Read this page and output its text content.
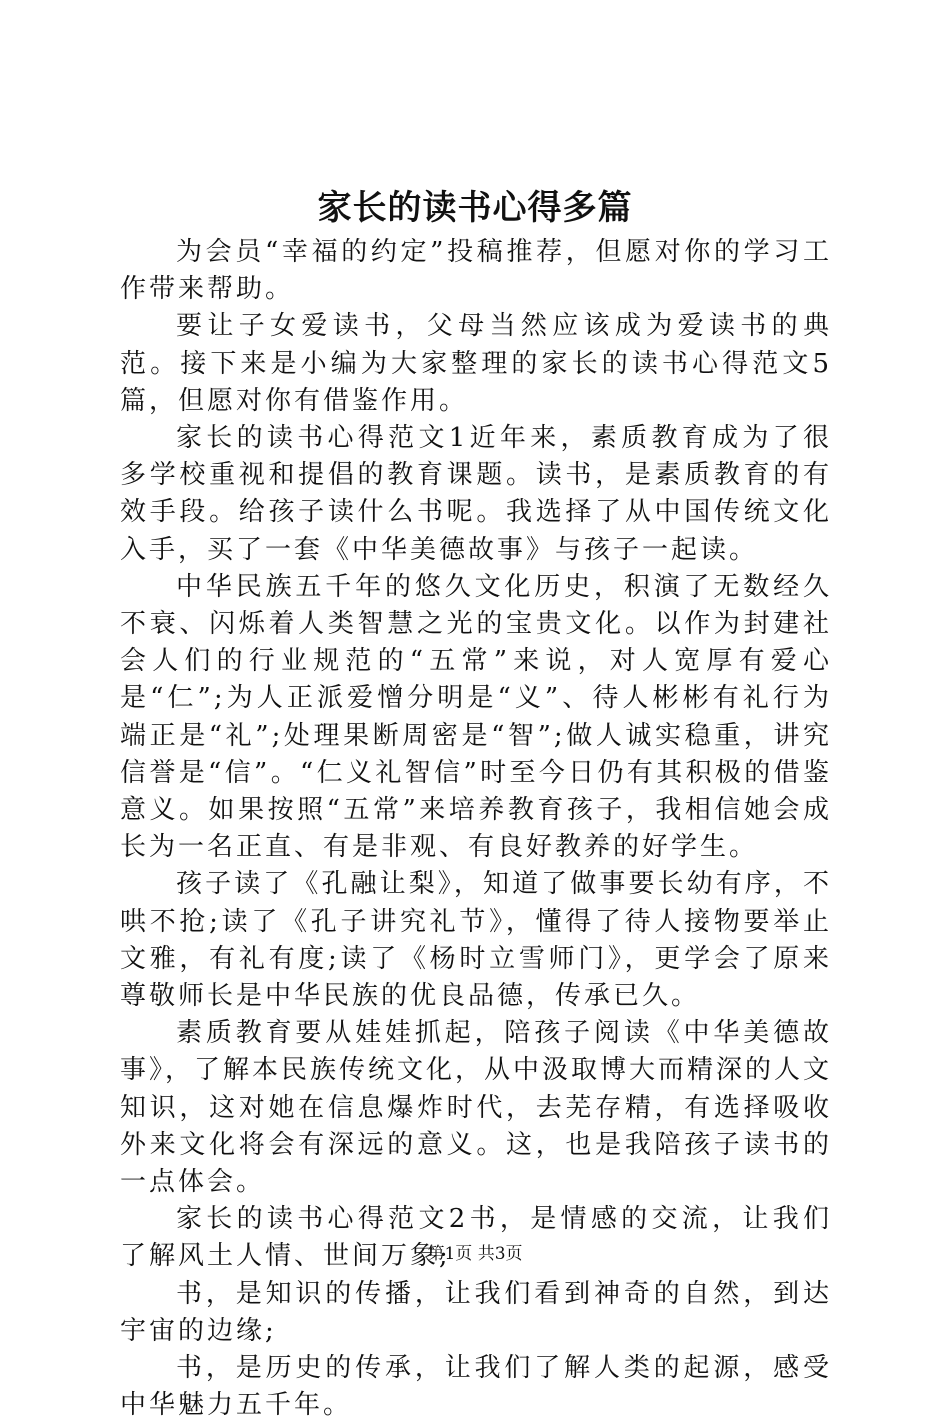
家长的读书心得多篇

为会员“幸福的约定”投稿推荐，但愿对你的学习工作带来帮助。

要让子女爱读书，父母当然应该成为爱读书的典范。接下来是小编为大家整理的家长的读书心得范文5篇，但愿对你有借鉴作用。

家长的读书心得范文1近年来，素质教育成为了很多学校重视和提倡的教育课题。读书，是素质教育的有效手段。给孩子读什么书呢。我选择了从中国传统文化入手，买了一套《中华美德故事》与孩子一起读。

中华民族五千年的悠久文化历史，积演了无数经久不衰、闪烁着人类智慧之光的宝贵文化。以作为封建社会人们的行业规范的“五常”来说，对人宽厚有爱心是“仁”;为人正派爱憎分明是“义”、待人彬彬有礼行为端正是“礼”;处理果断周密是“智”;做人诚实稳重，讲究信誉是“信”。“仁义礼智信”时至今日仍有其积极的借鉴意义。如果按照“五常”来培养教育孩子，我相信她会成长为一名正直、有是非观、有良好教养的好学生。

孩子读了《孔融让梨》，知道了做事要长幼有序，不哄不抢;读了《孔子讲究礼节》，懂得了待人接物要举止文雅，有礼有度;读了《杨时立雪师门》，更学会了原来尊敬师长是中华民族的优良品德，传承已久。

素质教育要从娃娃抓起，陪孩子阅读《中华美德故事》，了解本民族传统文化，从中汲取博大而精深的人文知识，这对她在信息爆炸时代，去芜存精，有选择吸收外来文化将会有深远的意义。这，也是我陪孩子读书的一点体会。

家长的读书心得范文2书，是情感的交流，让我们了解风土人情、世间万象;

书，是知识的传播，让我们看到神奇的自然，到达宇宙的边缘;

书，是历史的传承，让我们了解人类的起源，感受中华魅力五千年。

第1页 共3页
